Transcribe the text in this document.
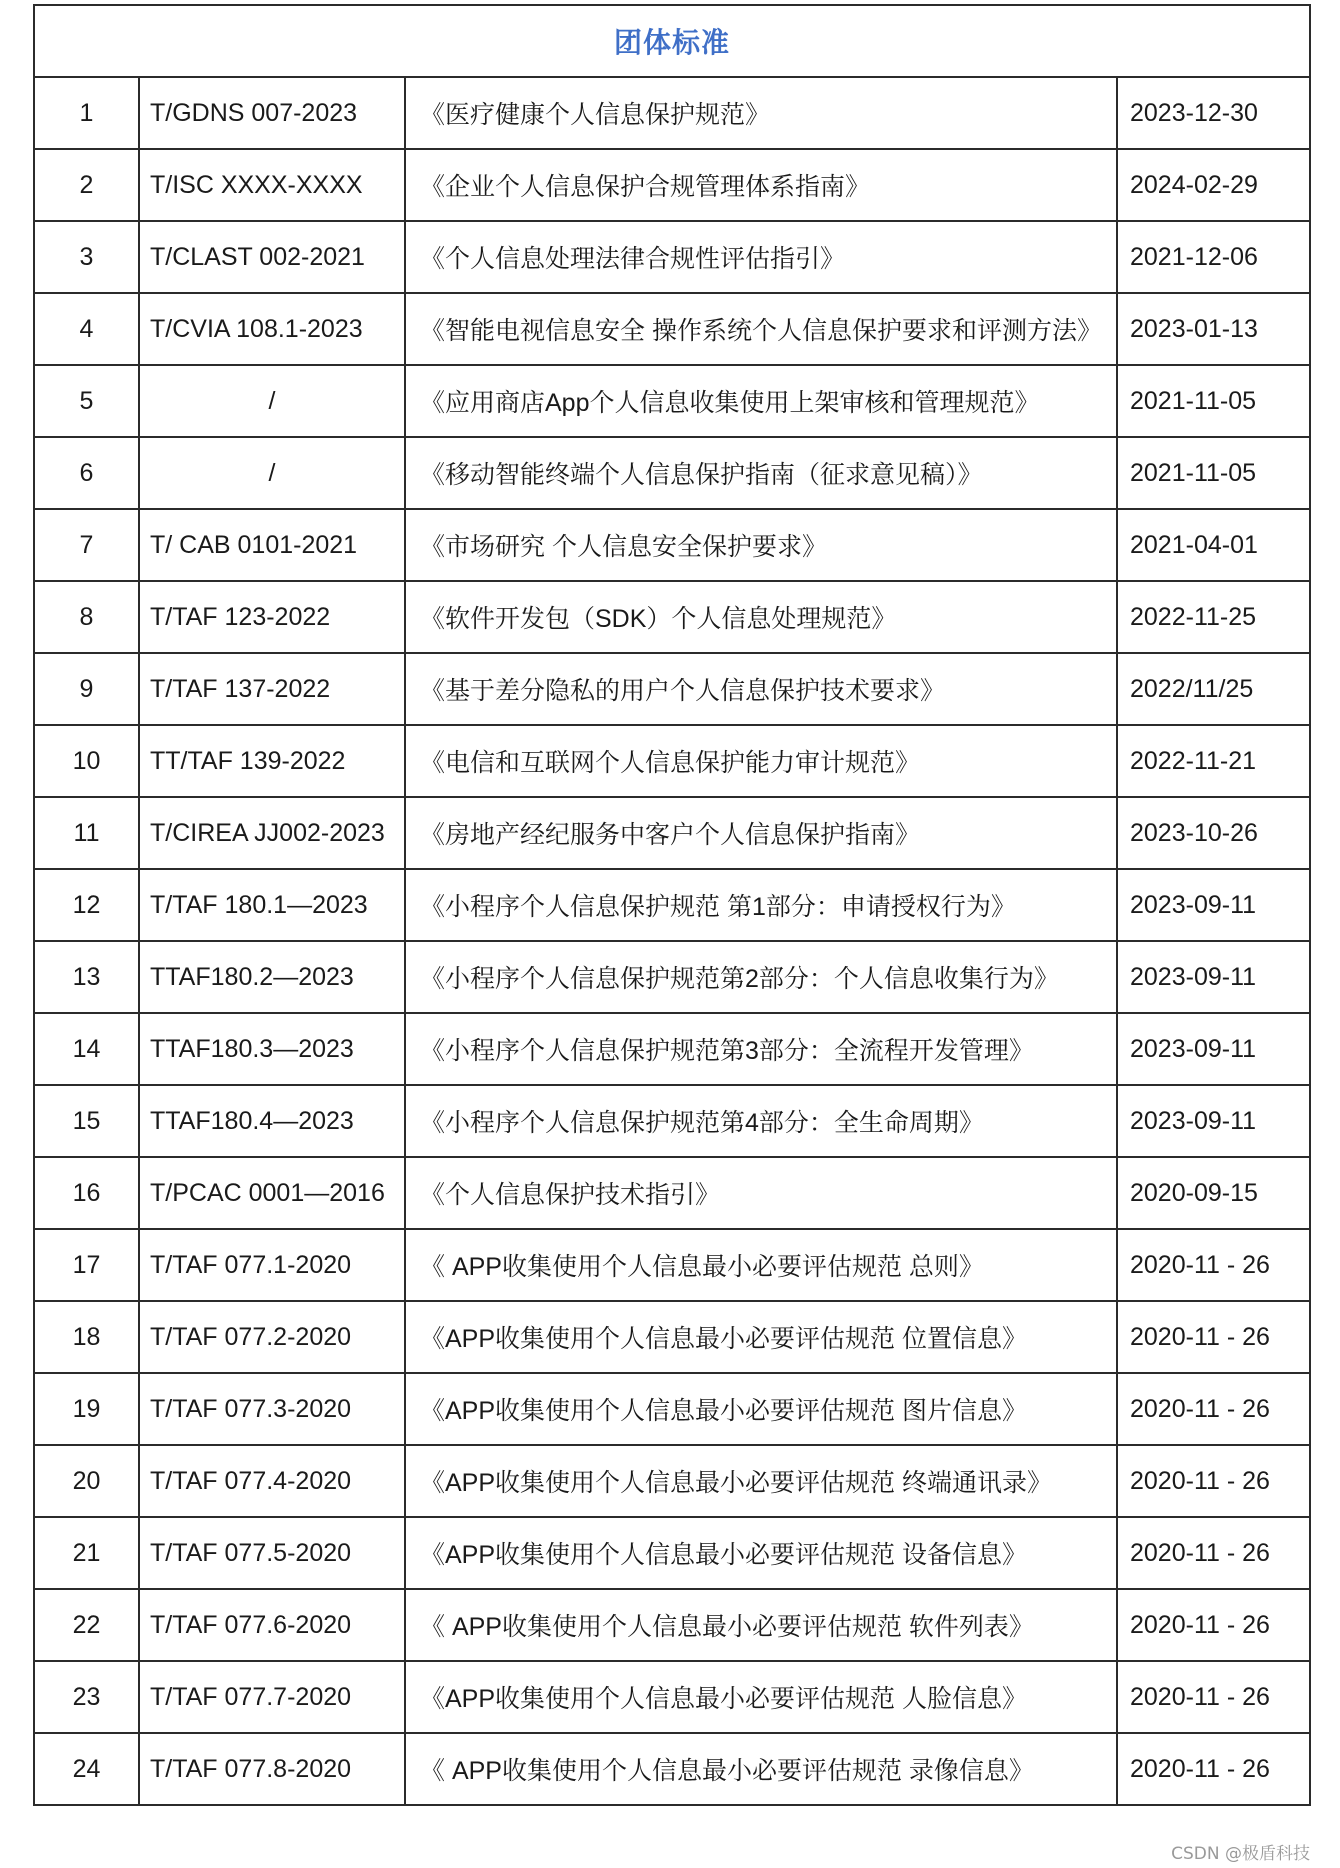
团体标准			
1	T/GDNS 007-2023	《医疗健康个人信息保护规范》	2023-12-30
2	T/ISC XXXX-XXXX	《企业个人信息保护合规管理体系指南》	2024-02-29
3	T/CLAST 002-2021	《个人信息处理法律合规性评估指引》	2021-12-06
4	T/CVIA 108.1-2023	《智能电视信息安全 操作系统个人信息保护要求和评测方法》	2023-01-13
5	/	《应用商店App个人信息收集使用上架审核和管理规范》	2021-11-05
6	/	《移动智能终端个人信息保护指南（征求意见稿）》	2021-11-05
7	T/ CAB 0101-2021	《市场研究 个人信息安全保护要求》	2021-04-01
8	T/TAF 123-2022	《软件开发包（SDK）个人信息处理规范》	2022-11-25
9	T/TAF 137-2022	《基于差分隐私的用户个人信息保护技术要求》	2022/11/25
10	TT/TAF 139-2022	《电信和互联网个人信息保护能力审计规范》	2022-11-21
11	T/CIREA JJ002-2023	《房地产经纪服务中客户个人信息保护指南》	2023-10-26
12	T/TAF 180.1—2023	《小程序个人信息保护规范 第1部分：申请授权行为》	2023-09-11
13	TTAF180.2—2023	《小程序个人信息保护规范第2部分：个人信息收集行为》	2023-09-11
14	TTAF180.3—2023	《小程序个人信息保护规范第3部分：全流程开发管理》	2023-09-11
15	TTAF180.4—2023	《小程序个人信息保护规范第4部分：全生命周期》	2023-09-11
16	T/PCAC 0001—2016	《个人信息保护技术指引》	2020-09-15
17	T/TAF 077.1-2020	《 APP收集使用个人信息最小必要评估规范 总则》	2020-11 - 26
18	T/TAF 077.2-2020	《APP收集使用个人信息最小必要评估规范 位置信息》	2020-11 - 26
19	T/TAF 077.3-2020	《APP收集使用个人信息最小必要评估规范 图片信息》	2020-11 - 26
20	T/TAF 077.4-2020	《APP收集使用个人信息最小必要评估规范 终端通讯录》	2020-11 - 26
21	T/TAF 077.5-2020	《APP收集使用个人信息最小必要评估规范 设备信息》	2020-11 - 26
22	T/TAF 077.6-2020	《 APP收集使用个人信息最小必要评估规范 软件列表》	2020-11 - 26
23	T/TAF 077.7-2020	《APP收集使用个人信息最小必要评估规范 人脸信息》	2020-11 - 26
24	T/TAF 077.8-2020	《 APP收集使用个人信息最小必要评估规范 录像信息》	2020-11 - 26
CSDN @极盾科技
